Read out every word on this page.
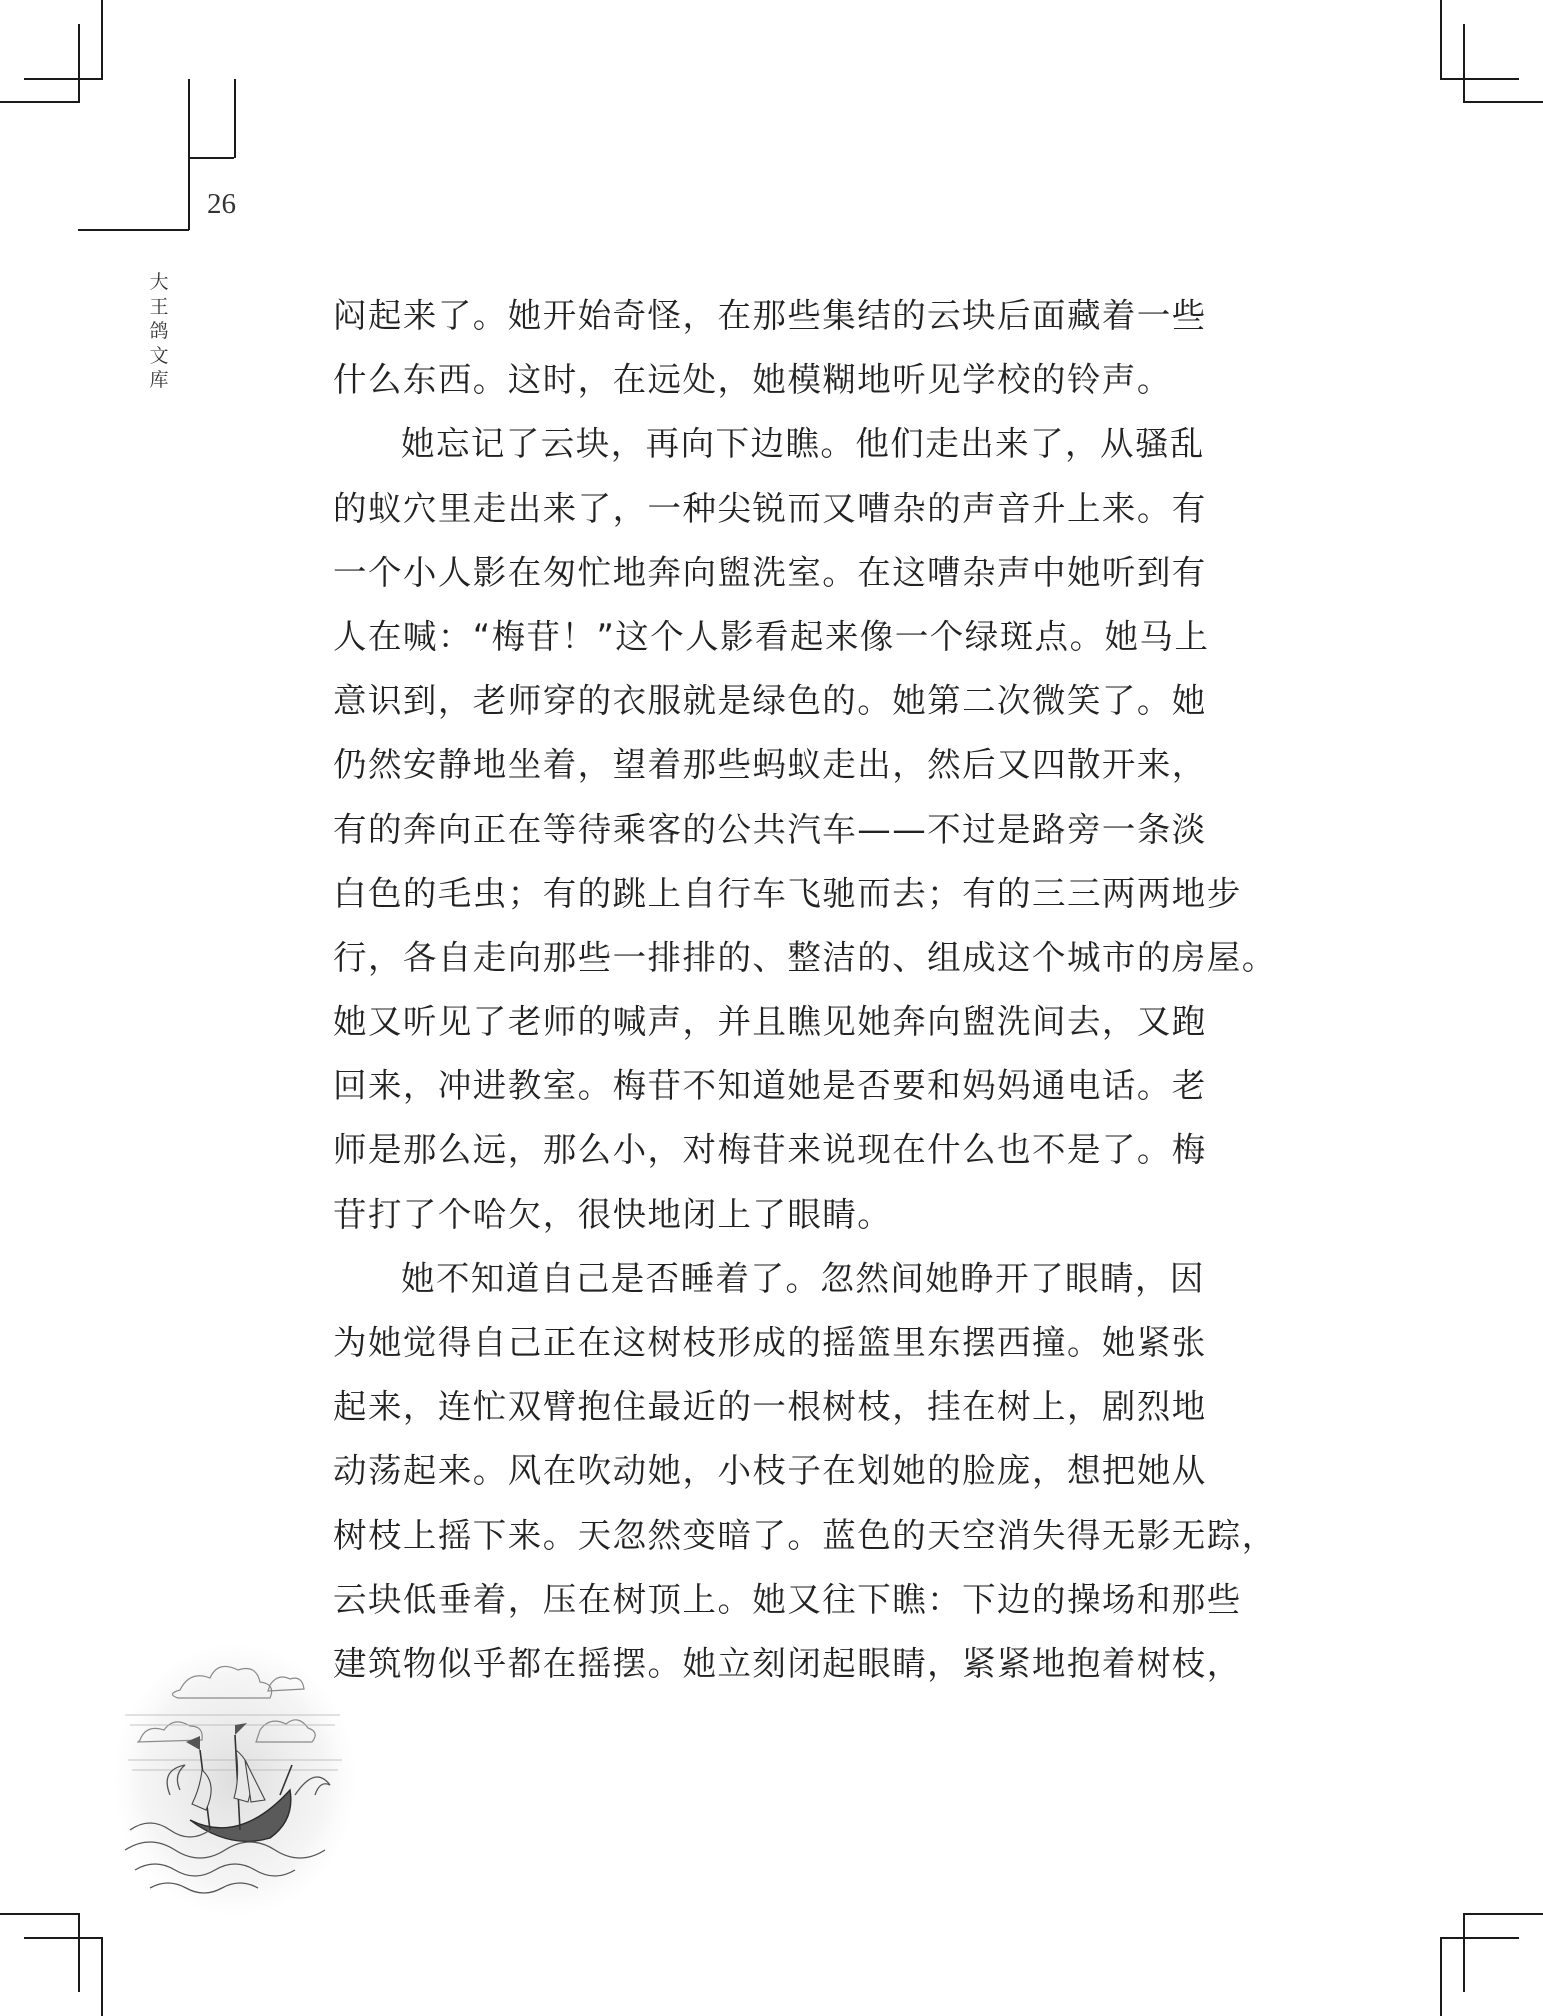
26
大
王
鸽
文
库
闷起来了。她开始奇怪，在那些集结的云块后面藏着一些
什么东西。这时，在远处，她模糊地听见学校的铃声。
她忘记了云块，再向下边瞧。他们走出来了，从骚乱
的蚁穴里走出来了，一种尖锐而又嘈杂的声音升上来。有
一个小人影在匆忙地奔向盥洗室。在这嘈杂声中她听到有
人在喊：“梅苷！”这个人影看起来像一个绿斑点。她马上
意识到，老师穿的衣服就是绿色的。她第二次微笑了。她
仍然安静地坐着，望着那些蚂蚁走出，然后又四散开来，
有的奔向正在等待乘客的公共汽车——不过是路旁一条淡
白色的毛虫；有的跳上自行车飞驰而去；有的三三两两地步
行，各自走向那些一排排的、整洁的、组成这个城市的房屋。
她又听见了老师的喊声，并且瞧见她奔向盥洗间去，又跑
回来，冲进教室。梅苷不知道她是否要和妈妈通电话。老
师是那么远，那么小，对梅苷来说现在什么也不是了。梅
苷打了个哈欠，很快地闭上了眼睛。
她不知道自己是否睡着了。忽然间她睁开了眼睛，因
为她觉得自己正在这树枝形成的摇篮里东摆西撞。她紧张
起来，连忙双臂抱住最近的一根树枝，挂在树上，剧烈地
动荡起来。风在吹动她，小枝子在划她的脸庞，想把她从
树枝上摇下来。天忽然变暗了。蓝色的天空消失得无影无踪，
云块低垂着，压在树顶上。她又往下瞧：下边的操场和那些
建筑物似乎都在摇摆。她立刻闭起眼睛，紧紧地抱着树枝，
